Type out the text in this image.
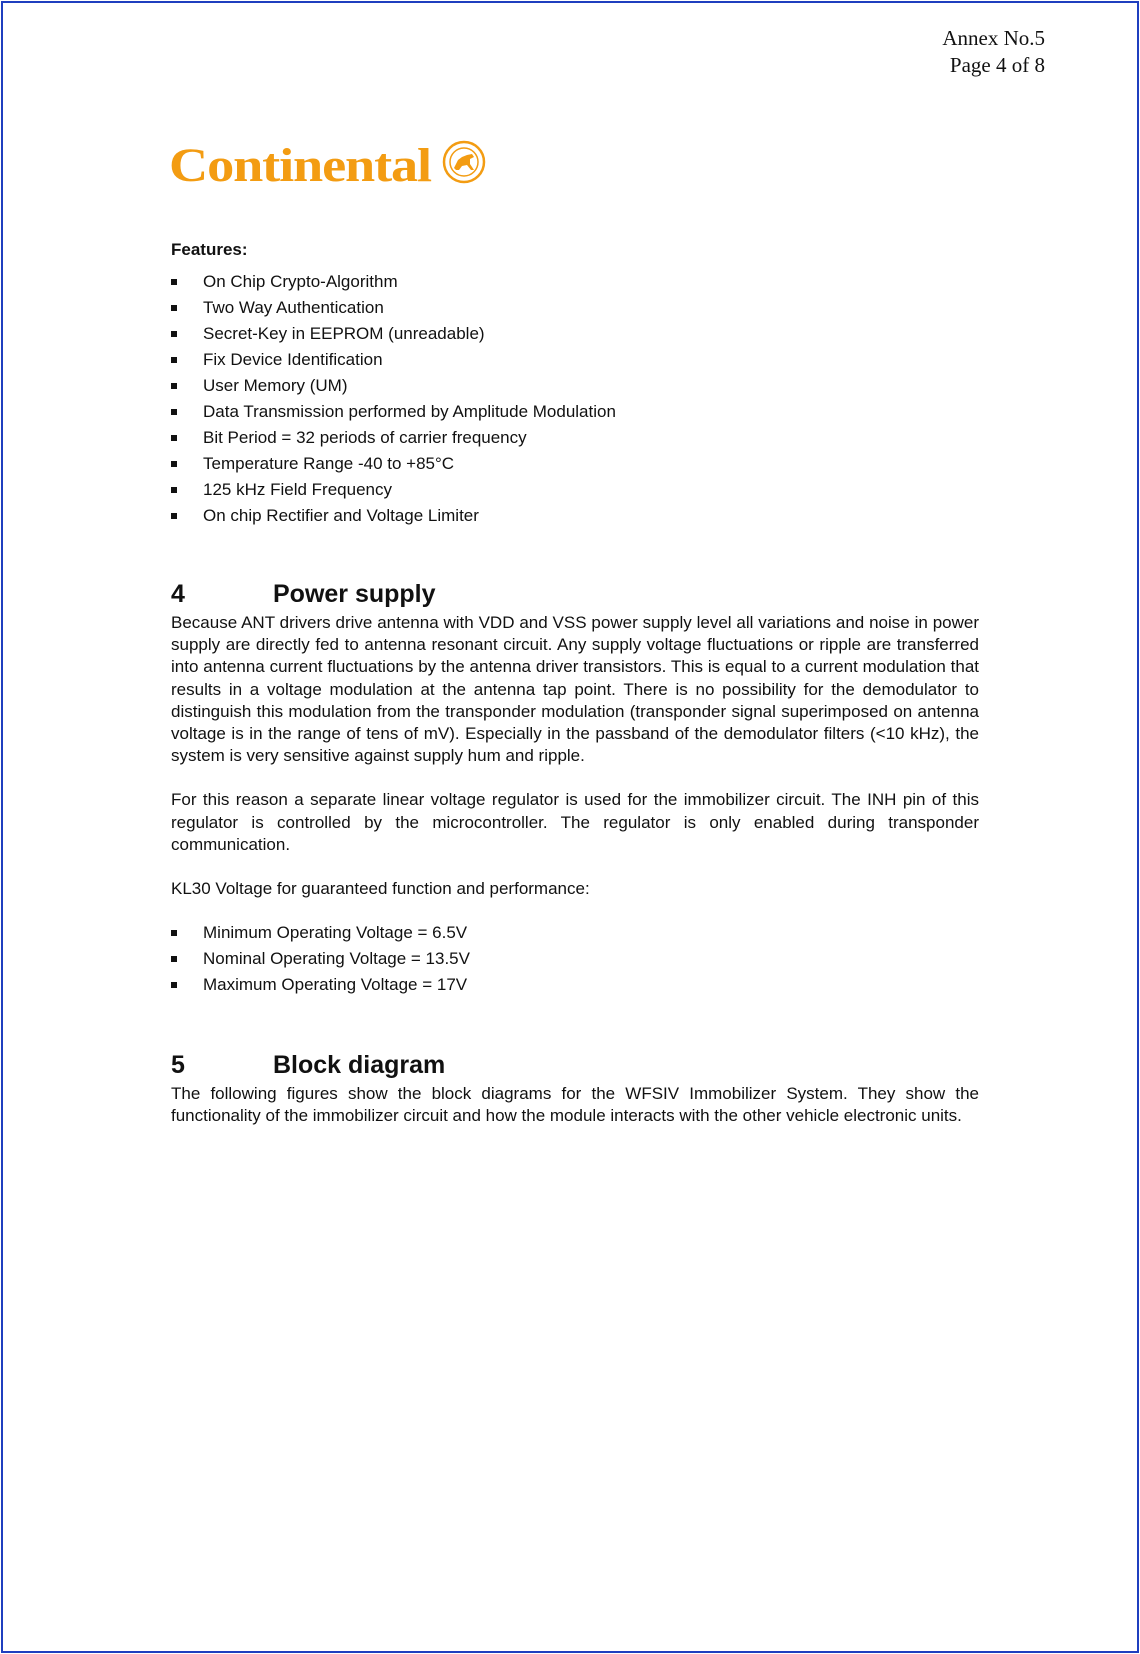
Annex No.5
Page 4 of 8
Continental
Features:
On Chip Crypto-Algorithm
Two Way Authentication
Secret-Key in EEPROM (unreadable)
Fix Device Identification
User Memory (UM)
Data Transmission performed by Amplitude Modulation
Bit Period = 32 periods of carrier frequency
Temperature Range -40 to +85°C
125 kHz Field Frequency
On chip Rectifier and Voltage Limiter
4	Power supply

Because ANT drivers drive antenna with VDD and VSS power supply level all variations and noise in power supply are directly fed to antenna resonant circuit. Any supply voltage fluctuations or ripple are transferred into antenna current fluctuations by the antenna driver transistors. This is equal to a current modulation that results in a voltage modulation at the antenna tap point. There is no possibility for the demodulator to distinguish this modulation from the transponder modulation (transponder signal superimposed on antenna voltage is in the range of tens of mV). Especially in the passband of the demodulator filters (<10 kHz), the system is very sensitive against supply hum and ripple.

For this reason a separate linear voltage regulator is used for the immobilizer circuit. The INH pin of this regulator is controlled by the microcontroller. The regulator is only enabled during transponder communication.

KL30 Voltage for guaranteed function and performance:

Minimum Operating Voltage = 6.5V
Nominal Operating Voltage = 13.5V
Maximum Operating Voltage = 17V
5	Block diagram

The following figures show the block diagrams for the WFSIV Immobilizer System. They show the functionality of the immobilizer circuit and how the module interacts with the other vehicle electronic units.
